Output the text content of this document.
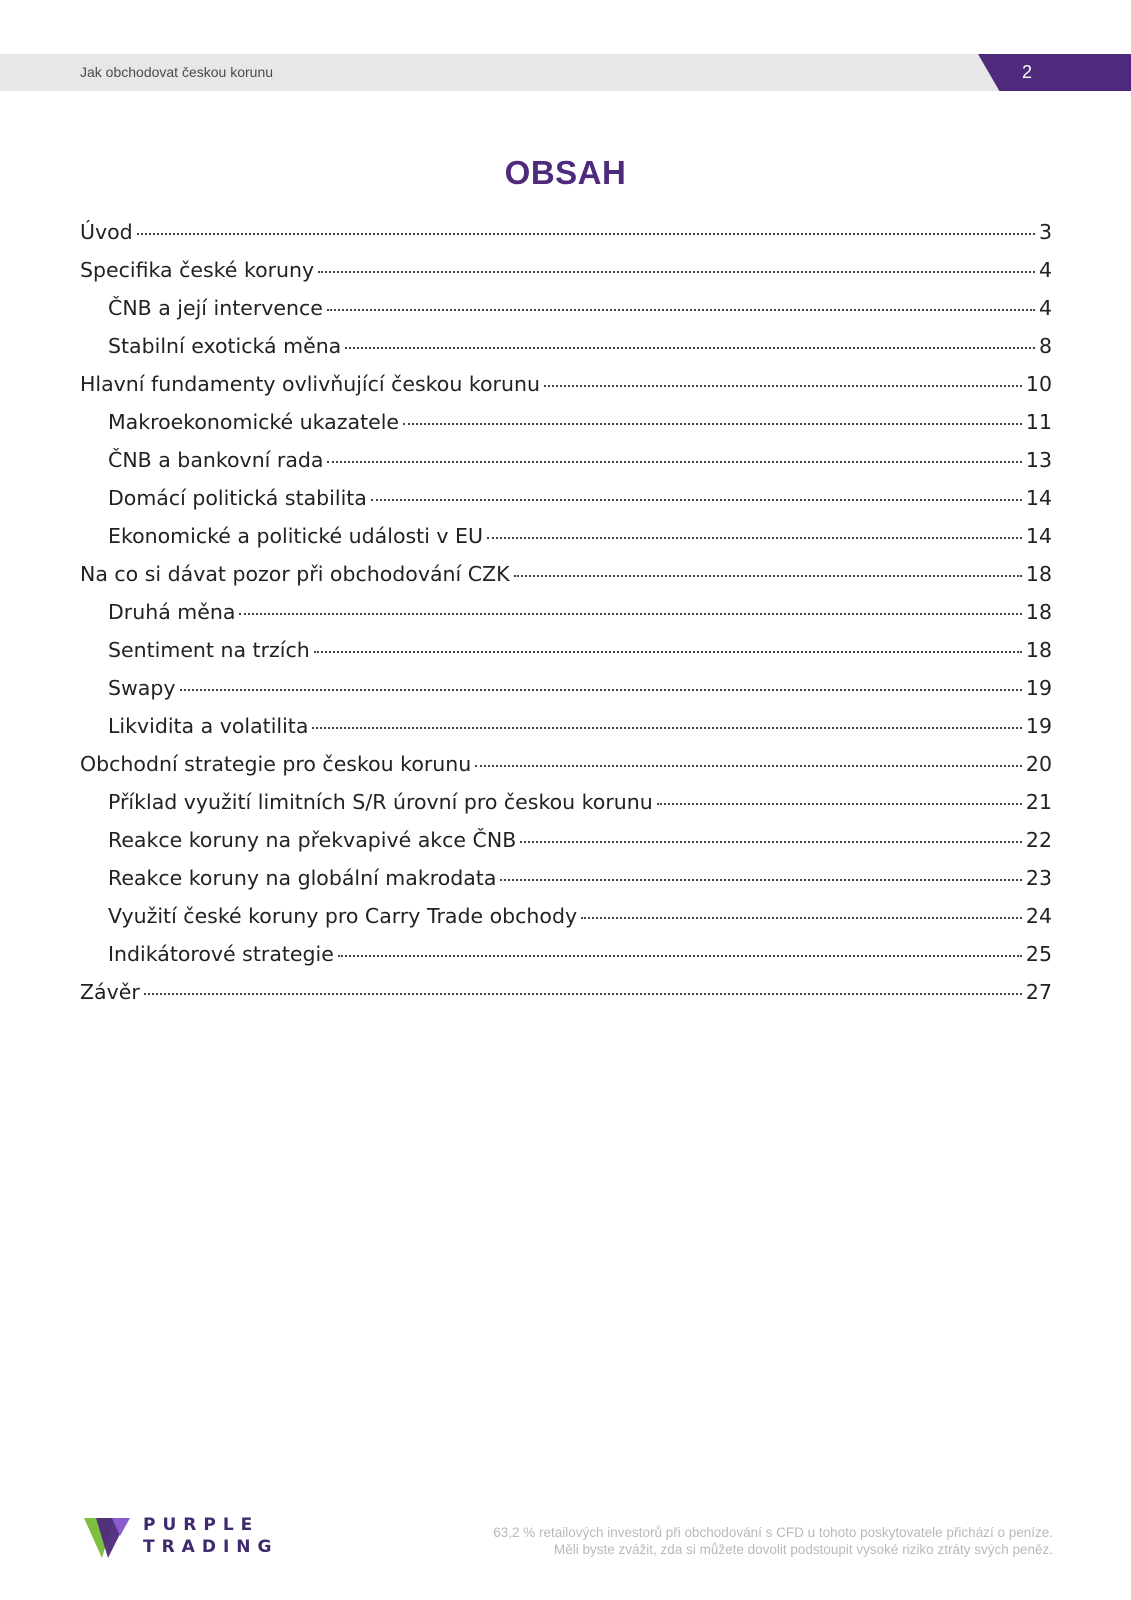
Jak obchodovat českou korunu	2
OBSAH
Úvod	3
Specifika české koruny	4
ČNB a její intervence	4
Stabilní exotická měna	8
Hlavní fundamenty ovlivňující českou korunu	10
Makroekonomické ukazatele	11
ČNB a bankovní rada	13
Domácí politická stabilita	14
Ekonomické a politické události v EU	14
Na co si dávat pozor při obchodování CZK	18
Druhá měna	18
Sentiment na trzích	18
Swapy	19
Likvidita a volatilita	19
Obchodní strategie pro českou korunu	20
Příklad využití limitních S/R úrovní pro českou korunu	21
Reakce koruny na překvapivé akce ČNB	22
Reakce koruny na globální makrodata	23
Využití české koruny pro Carry Trade obchody	24
Indikátorové strategie	25
Závěr	27
PURPLE
TRADING
63,2 % retailových investorů při obchodování s CFD u tohoto poskytovatele přichází o peníze.
Měli byste zvážit, zda si můžete dovolit podstoupit vysoké riziko ztráty svých peněz.
